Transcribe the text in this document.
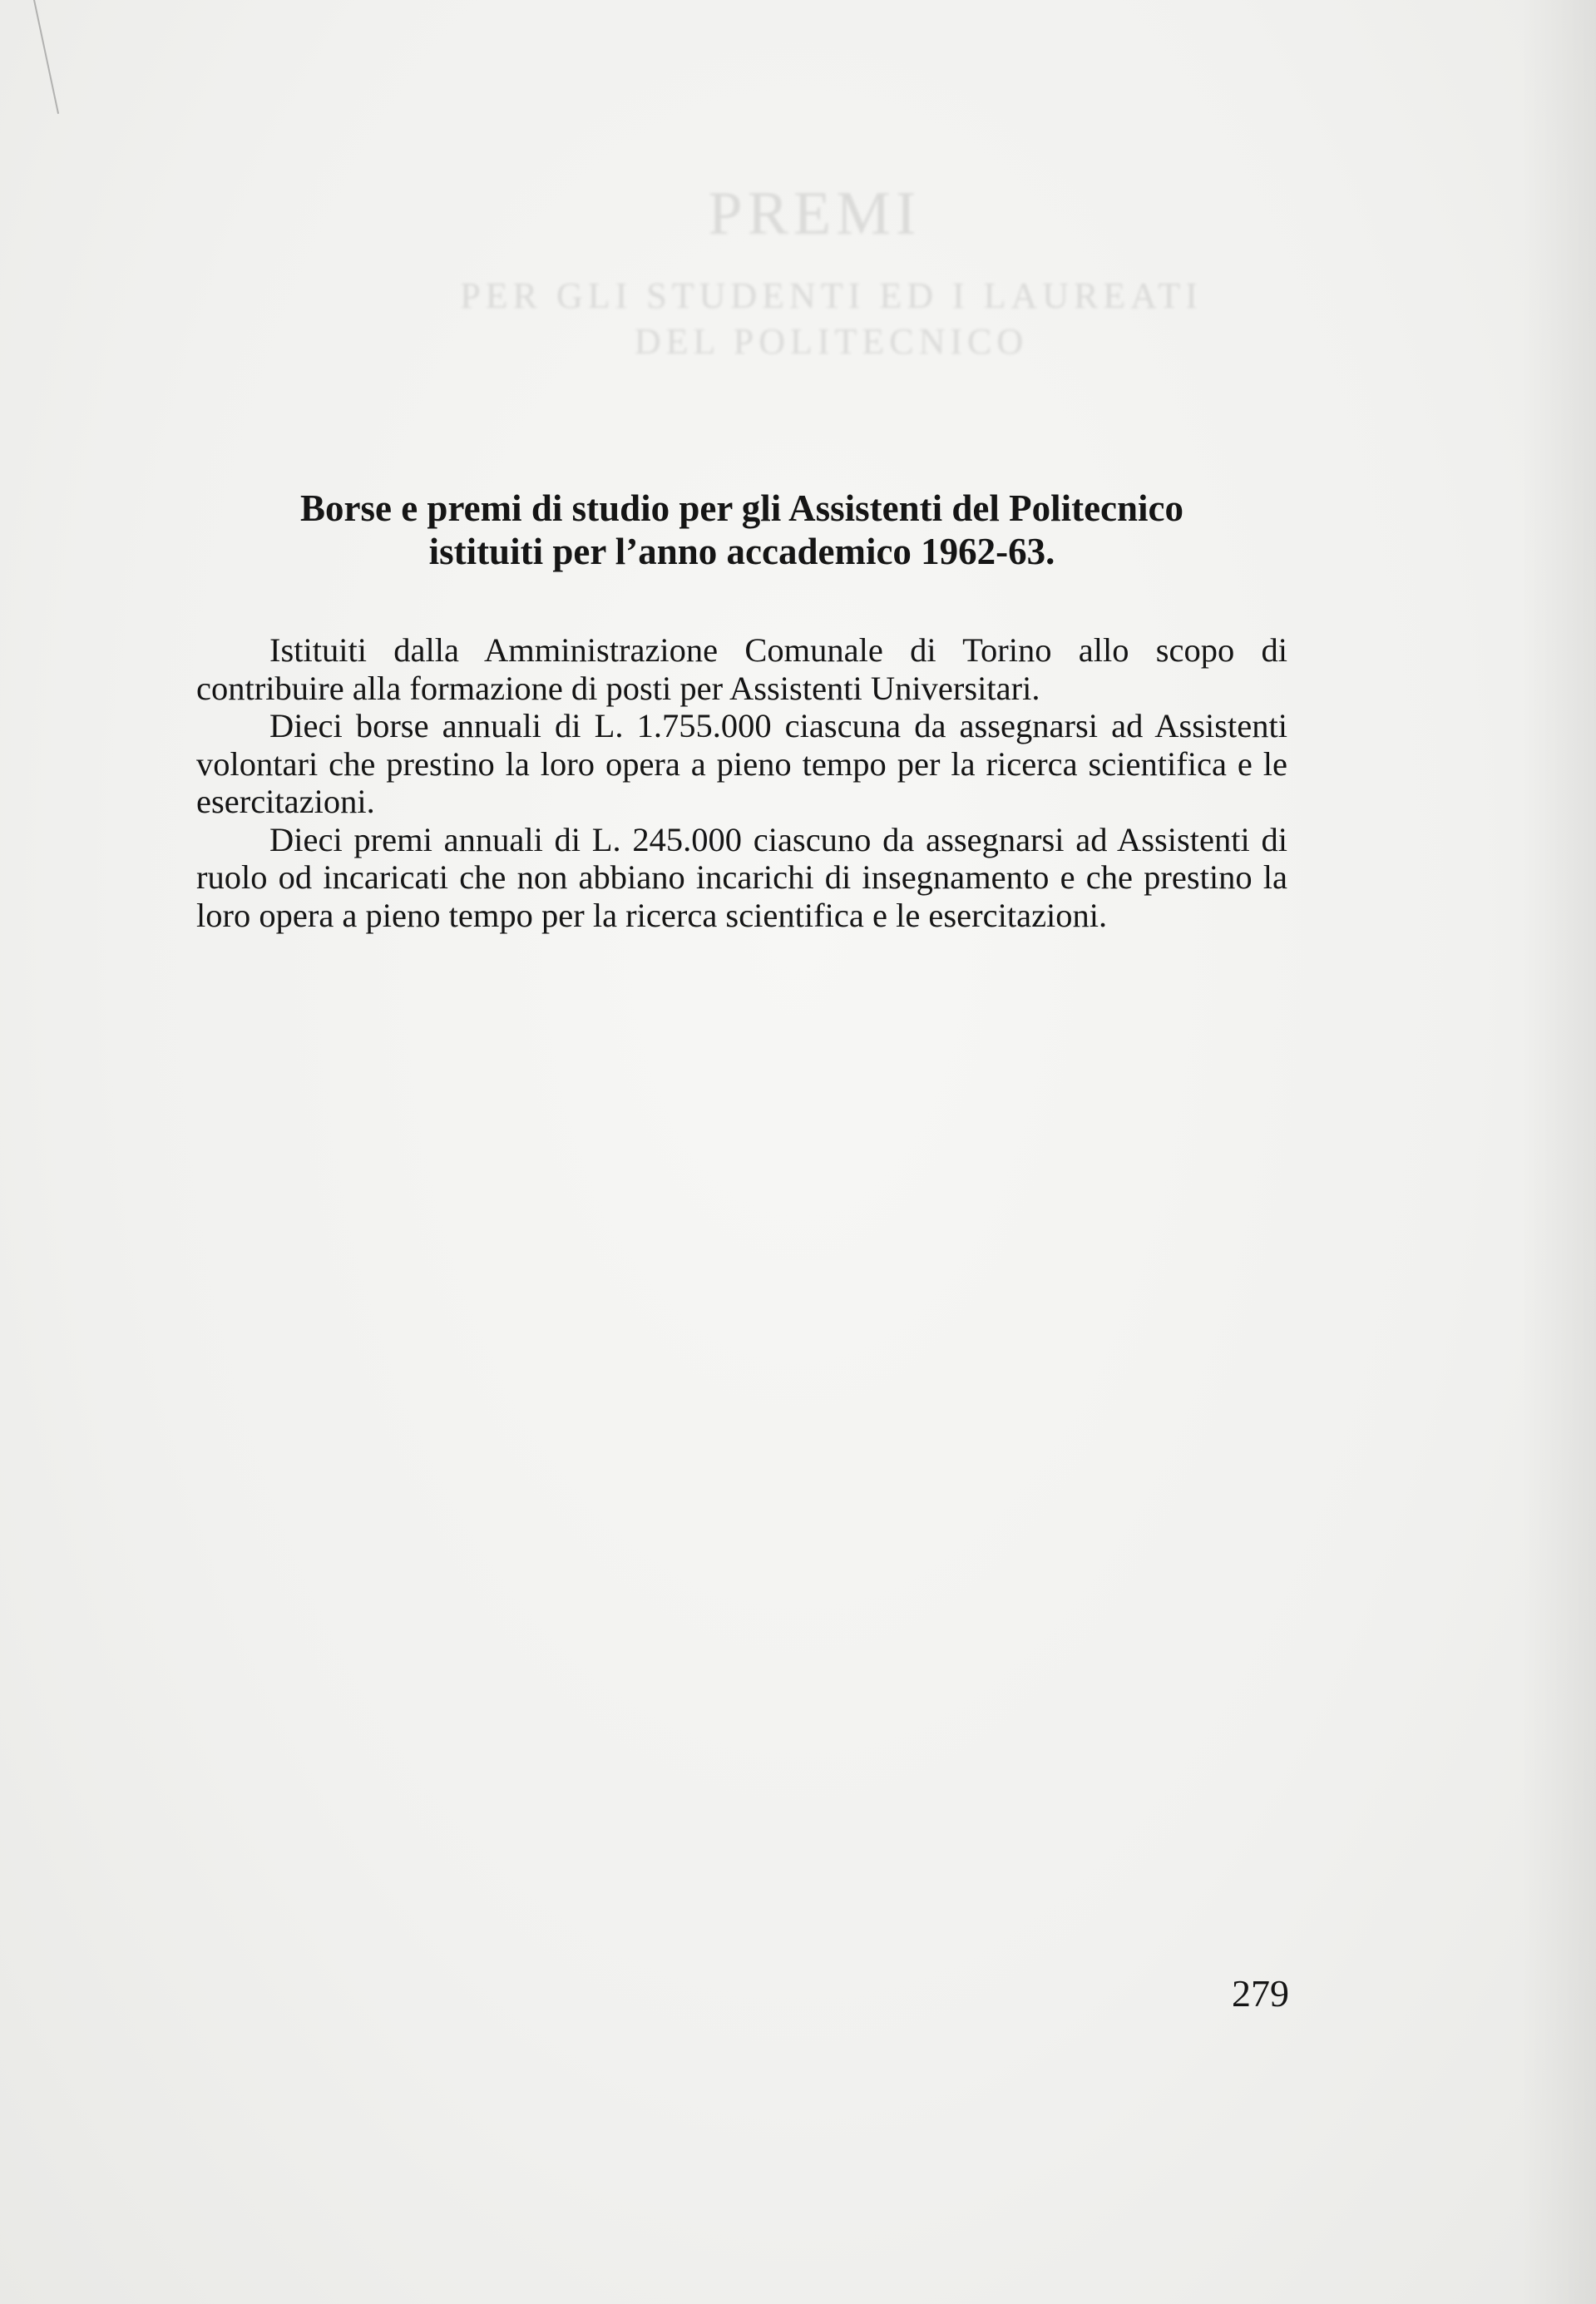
PREMI
PER GLI STUDENTI ED I LAUREATI
DEL POLITECNICO
Borse e premi di studio per gli Assistenti del Politecnico
istituiti per l’anno accademico 1962-63.

Istituiti dalla Amministrazione Comunale di Torino allo scopo di contribuire alla formazione di posti per Assistenti Universitari.

Dieci borse annuali di L. 1.755.000 ciascuna da assegnarsi ad Assistenti volontari che prestino la loro opera a pieno tempo per la ricerca scientifica e le esercitazioni.

Dieci premi annuali di L. 245.000 ciascuno da assegnarsi ad Assistenti di ruolo od incaricati che non abbiano incarichi di insegnamento e che prestino la loro opera a pieno tempo per la ricerca scientifica e le esercitazioni.

279
